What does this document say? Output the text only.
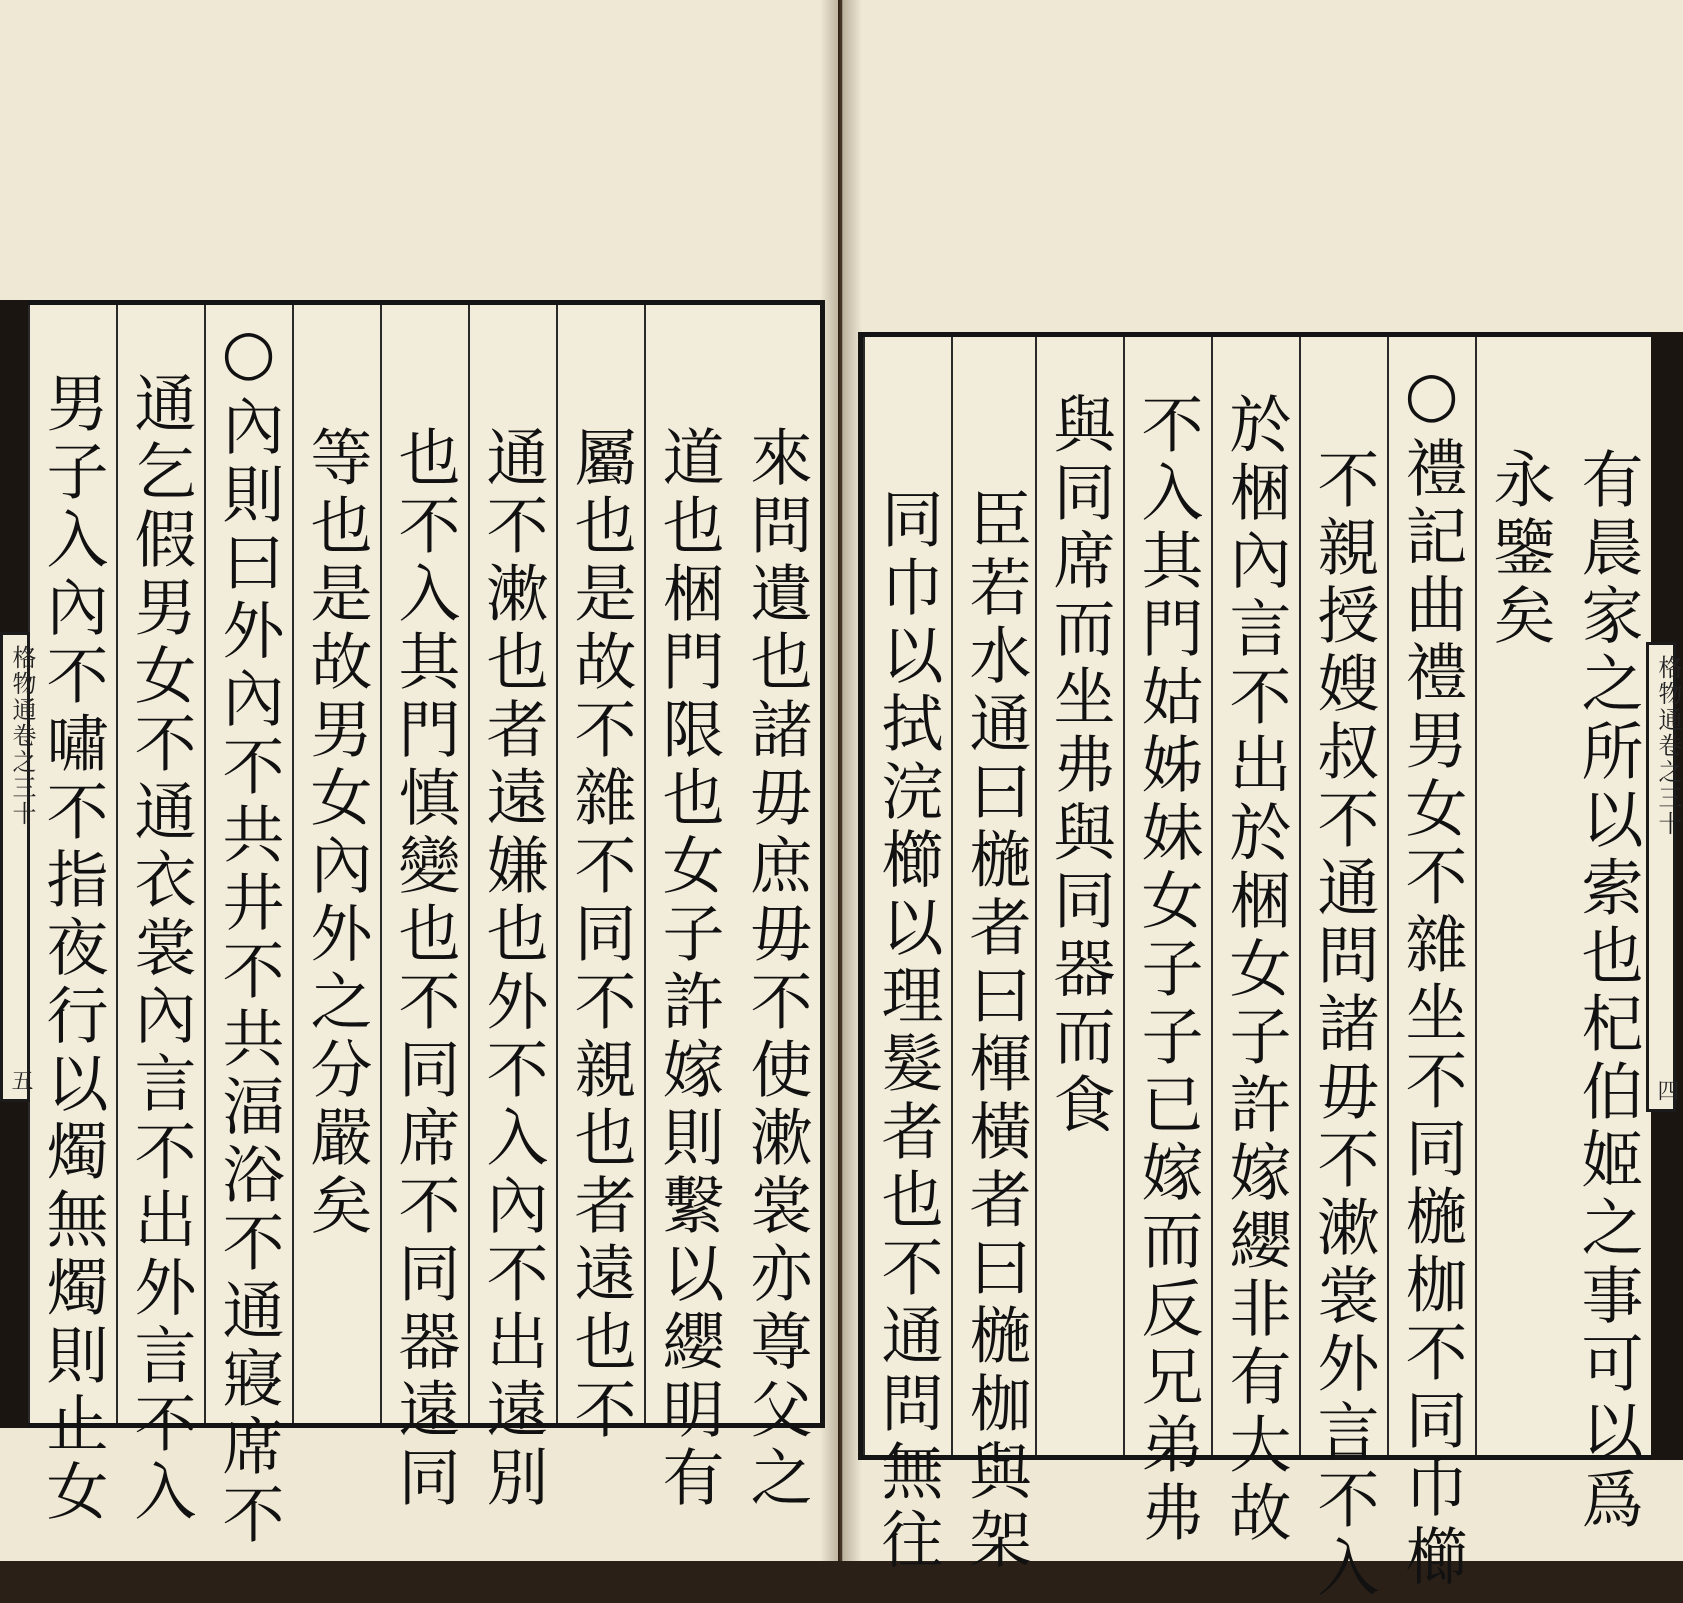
來問遺也諸毋庶毋不使漱裳亦尊父之
道也梱門限也女子許嫁則繫以纓明有
屬也是故不雜不同不親也者遠也不
通不漱也者遠嫌也外不入內不出遠別
也不入其門慎變也不同席不同器遠同
等也是故男女內外之分嚴矣
○內則曰外內不共井不共湢浴不通寢席不
通乞假男女不通衣裳內言不出外言不入
男子入內不嘯不指夜行以燭無燭則止女
格物通卷之三十
五	有晨家之所以索也杞伯姬之事可以爲
永鑒矣
○禮記曲禮男女不雜坐不同椸枷不同巾櫛
不親授嫂叔不通問諸毋不漱裳外言不入
於梱內言不出於梱女子許嫁纓非有大故
不入其門姑姊妹女子子已嫁而反兄弟弗
與同席而坐弗與同器而食
臣若水通曰椸者曰楎橫者曰椸枷與架
同巾以拭浣櫛以理髮者也不通問無往	格物通卷之三十
四
